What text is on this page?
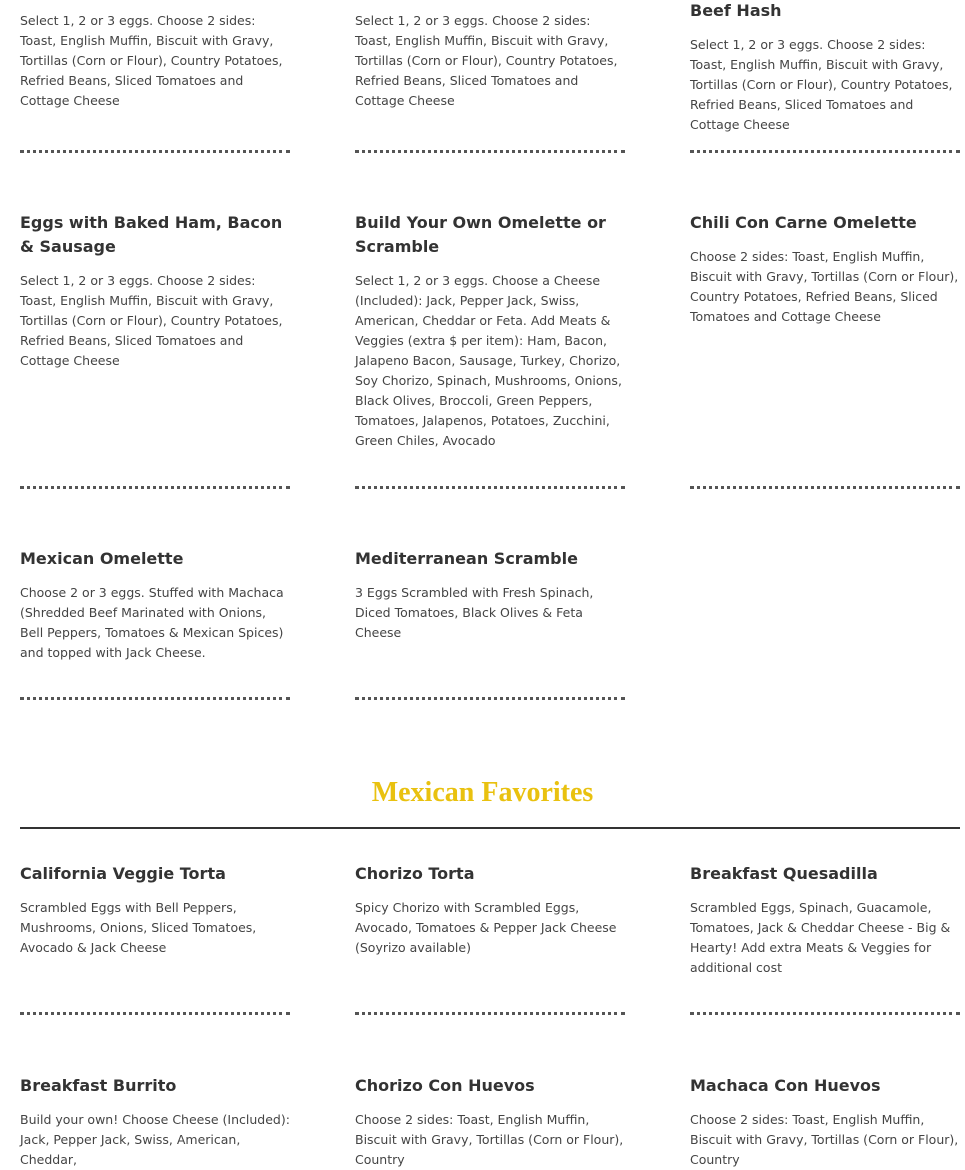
Select 1, 2 or 3 eggs. Choose 2 sides: Toast, English Muffin, Biscuit with Gravy, Tortillas (Corn or Flour), Country Potatoes, Refried Beans, Sliced Tomatoes and Cottage Cheese

Select 1, 2 or 3 eggs. Choose 2 sides: Toast, English Muffin, Biscuit with Gravy, Tortillas (Corn or Flour), Country Potatoes, Refried Beans, Sliced Tomatoes and Cottage Cheese

Beef Hash

Select 1, 2 or 3 eggs. Choose 2 sides: Toast, English Muffin, Biscuit with Gravy, Tortillas (Corn or Flour), Country Potatoes, Refried Beans, Sliced Tomatoes and Cottage Cheese

Eggs with Baked Ham, Bacon & Sausage

Select 1, 2 or 3 eggs. Choose 2 sides: Toast, English Muffin, Biscuit with Gravy, Tortillas (Corn or Flour), Country Potatoes, Refried Beans, Sliced Tomatoes and Cottage Cheese

Build Your Own Omelette or Scramble

Select 1, 2 or 3 eggs. Choose a Cheese (Included): Jack, Pepper Jack, Swiss, American, Cheddar or Feta. Add Meats & Veggies (extra $ per item): Ham, Bacon, Jalapeno Bacon, Sausage, Turkey, Chorizo, Soy Chorizo, Spinach, Mushrooms, Onions, Black Olives, Broccoli, Green Peppers, Tomatoes, Jalapenos, Potatoes, Zucchini, Green Chiles, Avocado

Chili Con Carne Omelette

Choose 2 sides: Toast, English Muffin, Biscuit with Gravy, Tortillas (Corn or Flour), Country Potatoes, Refried Beans, Sliced Tomatoes and Cottage Cheese

Mexican Omelette

Choose 2 or 3 eggs. Stuffed with Machaca (Shredded Beef Marinated with Onions, Bell Peppers, Tomatoes & Mexican Spices) and topped with Jack Cheese.

Mediterranean Scramble

3 Eggs Scrambled with Fresh Spinach, Diced Tomatoes, Black Olives & Feta Cheese

Mexican Favorites
California Veggie Torta

Scrambled Eggs with Bell Peppers, Mushrooms, Onions, Sliced Tomatoes, Avocado & Jack Cheese

Chorizo Torta

Spicy Chorizo with Scrambled Eggs, Avocado, Tomatoes & Pepper Jack Cheese (Soyrizo available)

Breakfast Quesadilla

Scrambled Eggs, Spinach, Guacamole, Tomatoes, Jack & Cheddar Cheese - Big & Hearty! Add extra Meats & Veggies for additional cost

Breakfast Burrito

Build your own! Choose Cheese (Included): Jack, Pepper Jack, Swiss, American, Cheddar,

Chorizo Con Huevos

Choose 2 sides: Toast, English Muffin, Biscuit with Gravy, Tortillas (Corn or Flour), Country

Machaca Con Huevos

Choose 2 sides: Toast, English Muffin, Biscuit with Gravy, Tortillas (Corn or Flour), Country
